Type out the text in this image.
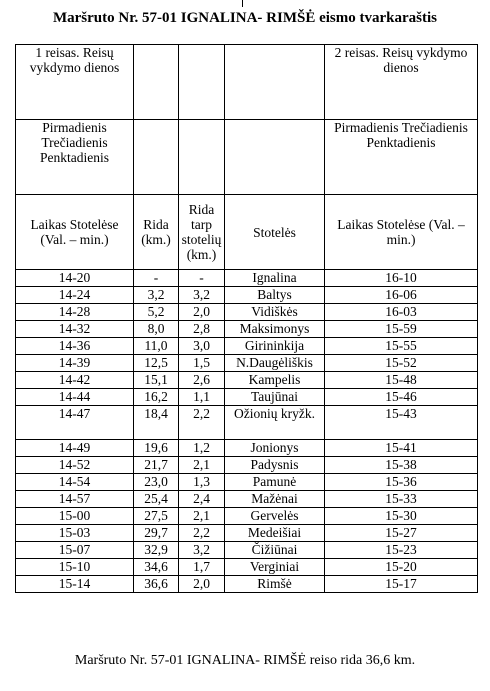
Maršruto Nr. 57-01 IGNALINA- RIMŠĖ eismo tvarkaraštis
1 reisas. Reisų vykdymo dienos				2 reisas. Reisų vykdymo dienos
Pirmadienis Trečiadienis Penktadienis				Pirmadienis Trečiadienis Penktadienis
Laikas Stotelėse (Val. – min.)	Rida (km.)	Rida tarp stotelių (km.)	Stotelės	Laikas Stotelėse (Val. – min.)
14-20	-	-	Ignalina	16-10
14-24	3,2	3,2	Baltys	16-06
14-28	5,2	2,0	Vidiškės	16-03
14-32	8,0	2,8	Maksimonys	15-59
14-36	11,0	3,0	Girininkija	15-55
14-39	12,5	1,5	N.Daugėliškis	15-52
14-42	15,1	2,6	Kampelis	15-48
14-44	16,2	1,1	Taujūnai	15-46
14-47	18,4	2,2	Ožionių kryžk.	15-43
14-49	19,6	1,2	Jonionys	15-41
14-52	21,7	2,1	Padysnis	15-38
14-54	23,0	1,3	Pamunė	15-36
14-57	25,4	2,4	Mažėnai	15-33
15-00	27,5	2,1	Gervelės	15-30
15-03	29,7	2,2	Medeišiai	15-27
15-07	32,9	3,2	Čižiūnai	15-23
15-10	34,6	1,7	Verginiai	15-20
15-14	36,6	2,0	Rimšė	15-17
Maršruto Nr. 57-01 IGNALINA- RIMŠĖ reiso rida 36,6 km.
